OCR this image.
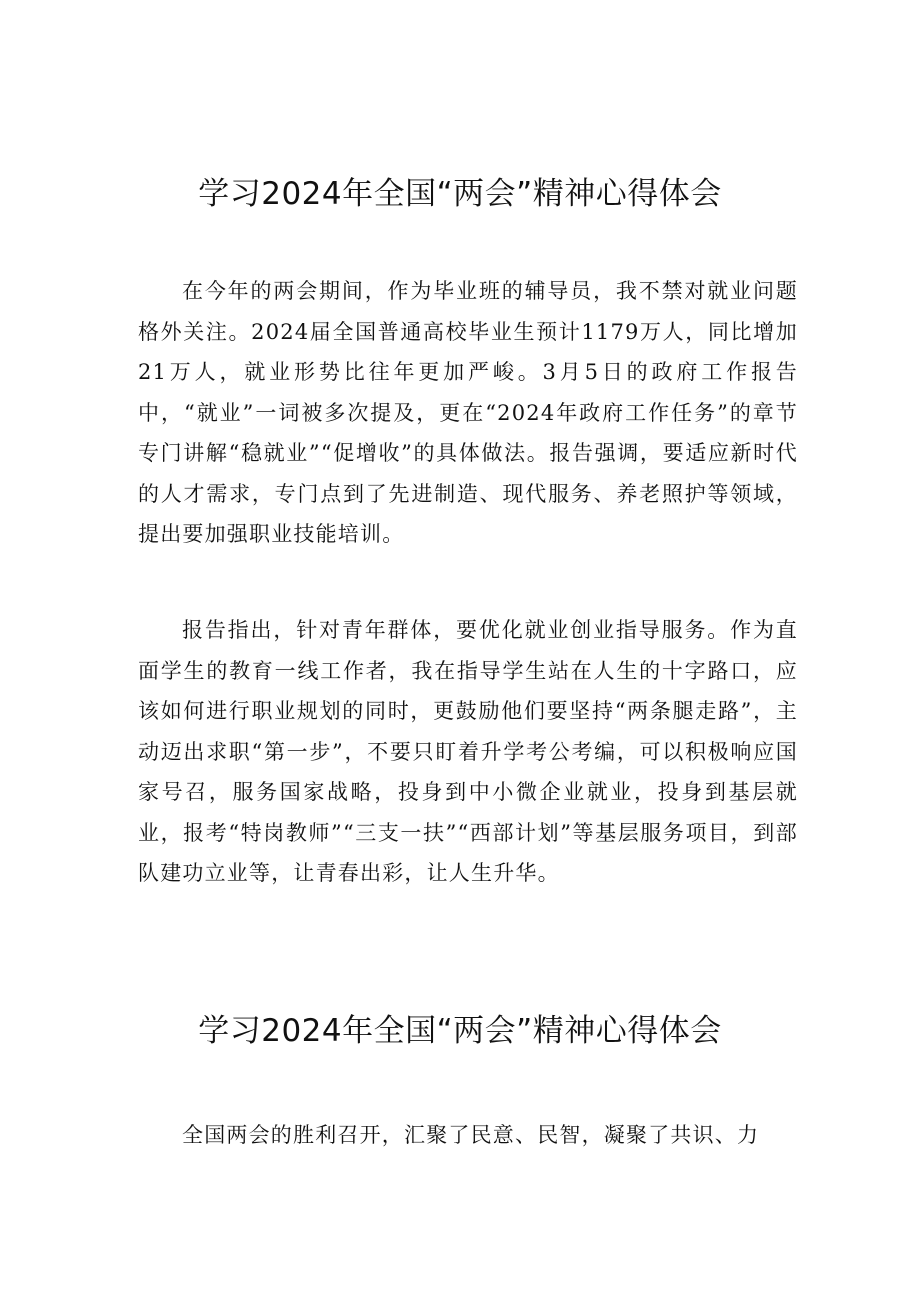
学习2024年全国“两会”精神心得体会

在今年的两会期间，作为毕业班的辅导员，我不禁对就业问题格外关注。2024届全国普通高校毕业生预计1179万人，同比增加21万人，就业形势比往年更加严峻。3月5日的政府工作报告中，“就业”一词被多次提及，更在“2024年政府工作任务”的章节专门讲解“稳就业”“促增收”的具体做法。报告强调，要适应新时代的人才需求，专门点到了先进制造、现代服务、养老照护等领域，提出要加强职业技能培训。

报告指出，针对青年群体，要优化就业创业指导服务。作为直面学生的教育一线工作者，我在指导学生站在人生的十字路口，应该如何进行职业规划的同时，更鼓励他们要坚持“两条腿走路”，主动迈出求职“第一步”，不要只盯着升学考公考编，可以积极响应国家号召，服务国家战略，投身到中小微企业就业，投身到基层就业，报考“特岗教师”“三支一扶”“西部计划”等基层服务项目，到部队建功立业等，让青春出彩，让人生升华。

学习2024年全国“两会”精神心得体会

全国两会的胜利召开，汇聚了民意、民智，凝聚了共识、力
